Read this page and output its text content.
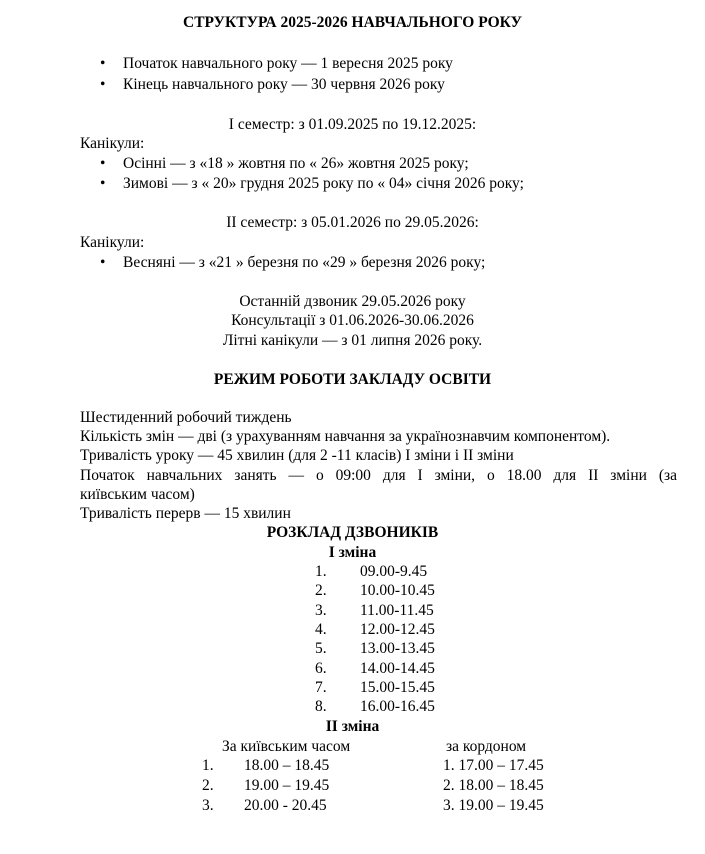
СТРУКТУРА 2025-2026 НАВЧАЛЬНОГО РОКУ
• Початок навчального року — 1 вересня 2025 року
• Кінець навчального року — 30 червня 2026 року
І семестр: з 01.09.2025 по 19.12.2025:
Канікули:
• Осінні — з «18 » жовтня по « 26» жовтня 2025 року;
• Зимові — з « 20» грудня 2025 року по « 04» січня 2026 року;
ІІ семестр: з 05.01.2026 по 29.05.2026:
Канікули:
• Весняні — з «21 » березня по «29 » березня 2026 року;
Останній дзвоник 29.05.2026 року
Консультації з 01.06.2026-30.06.2026
Літні канікули — з 01 липня 2026 року.
РЕЖИМ РОБОТИ ЗАКЛАДУ ОСВІТИ
Шестиденний робочий тиждень
Кількість змін — дві (з урахуванням навчання за українознавчим компонентом).
Тривалість уроку — 45 хвилин (для 2 -11 класів) І зміни і ІІ зміни
Початок навчальних занять — о 09:00 для І зміни, о 18.00 для ІІ зміни (за
київським часом)
Тривалість перерв — 15 хвилин
РОЗКЛАД ДЗВОНИКІВ
І зміна
1. 09.00-9.45
2. 10.00-10.45
3. 11.00-11.45
4. 12.00-12.45
5. 13.00-13.45
6. 14.00-14.45
7. 15.00-15.45
8. 16.00-16.45
ІІ зміна
За київським часом	за кордоном
1. 18.00 – 18.45
2. 19.00 – 19.45
3. 20.00 - 20.45
1. 17.00 – 17.45
2. 18.00 – 18.45
3. 19.00 – 19.45
